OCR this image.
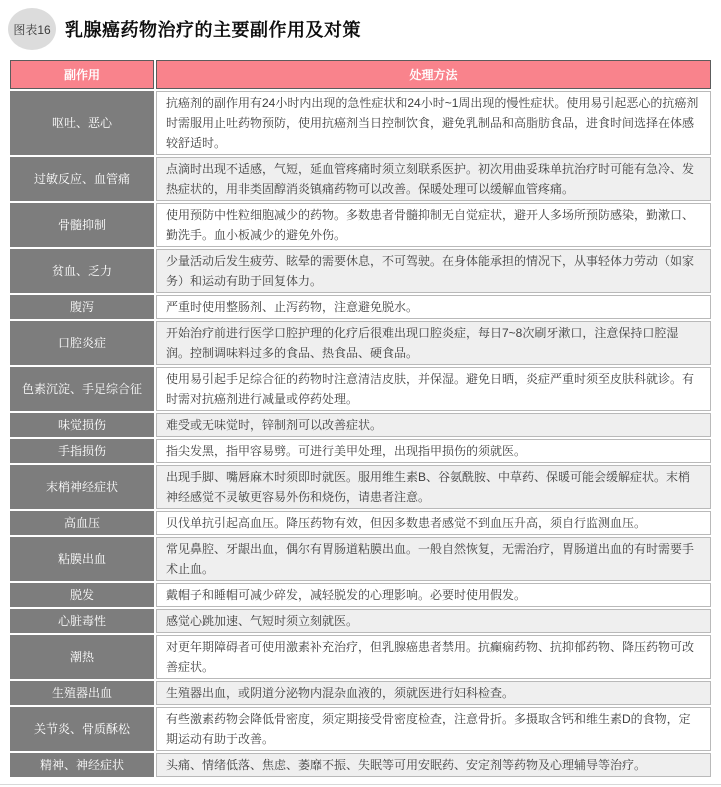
图表16 乳腺癌药物治疗的主要副作用及对策
副作用	处理方法
呕吐、恶心	抗癌剂的副作用有24小时内出现的急性症状和24小时~1周出现的慢性症状。使用易引起恶心的抗癌剂时需服用止吐药物预防，使用抗癌剂当日控制饮食，避免乳制品和高脂肪食品，进食时间选择在体感较舒适时。
过敏反应、血管痛	点滴时出现不适感，气短，延血管疼痛时须立刻联系医护。初次用曲妥珠单抗治疗时可能有急冷、发热症状的，用非类固醇消炎镇痛药物可以改善。保暖处理可以缓解血管疼痛。
骨髓抑制	使用预防中性粒细胞减少的药物。多数患者骨髓抑制无自觉症状，避开人多场所预防感染，勤漱口、勤洗手。血小板减少的避免外伤。
贫血、乏力	少量活动后发生疲劳、眩晕的需要休息，不可驾驶。在身体能承担的情况下，从事轻体力劳动（如家务）和运动有助于回复体力。
腹泻	严重时使用整肠剂、止泻药物，注意避免脱水。
口腔炎症	开始治疗前进行医学口腔护理的化疗后很难出现口腔炎症，每日7~8次刷牙漱口，注意保持口腔湿润。控制调味料过多的食品、热食品、硬食品。
色素沉淀、手足综合征	使用易引起手足综合征的药物时注意清洁皮肤，并保湿。避免日晒，炎症严重时须至皮肤科就诊。有时需对抗癌剂进行减量或停药处理。
味觉损伤	难受或无味觉时，锌制剂可以改善症状。
手指损伤	指尖发黑，指甲容易劈。可进行美甲处理，出现指甲损伤的须就医。
末梢神经症状	出现手脚、嘴唇麻木时须即时就医。服用维生素B、谷氨酰胺、中草药、保暖可能会缓解症状。末梢神经感觉不灵敏更容易外伤和烧伤，请患者注意。
高血压	贝伐单抗引起高血压。降压药物有效，但因多数患者感觉不到血压升高，须自行监测血压。
粘膜出血	常见鼻腔、牙龈出血，偶尔有胃肠道粘膜出血。一般自然恢复，无需治疗，胃肠道出血的有时需要手术止血。
脱发	戴帽子和睡帽可减少碎发，减轻脱发的心理影响。必要时使用假发。
心脏毒性	感觉心跳加速、气短时须立刻就医。
潮热	对更年期障碍者可使用激素补充治疗，但乳腺癌患者禁用。抗癫痫药物、抗抑郁药物、降压药物可改善症状。
生殖器出血	生殖器出血，或阴道分泌物内混杂血液的，须就医进行妇科检查。
关节炎、骨质酥松	有些激素药物会降低骨密度，须定期接受骨密度检查，注意骨折。多摄取含钙和维生素D的食物，定期运动有助于改善。
精神、神经症状	头痛、情绪低落、焦虑、萎靡不振、失眠等可用安眠药、安定剂等药物及心理辅导等治疗。
